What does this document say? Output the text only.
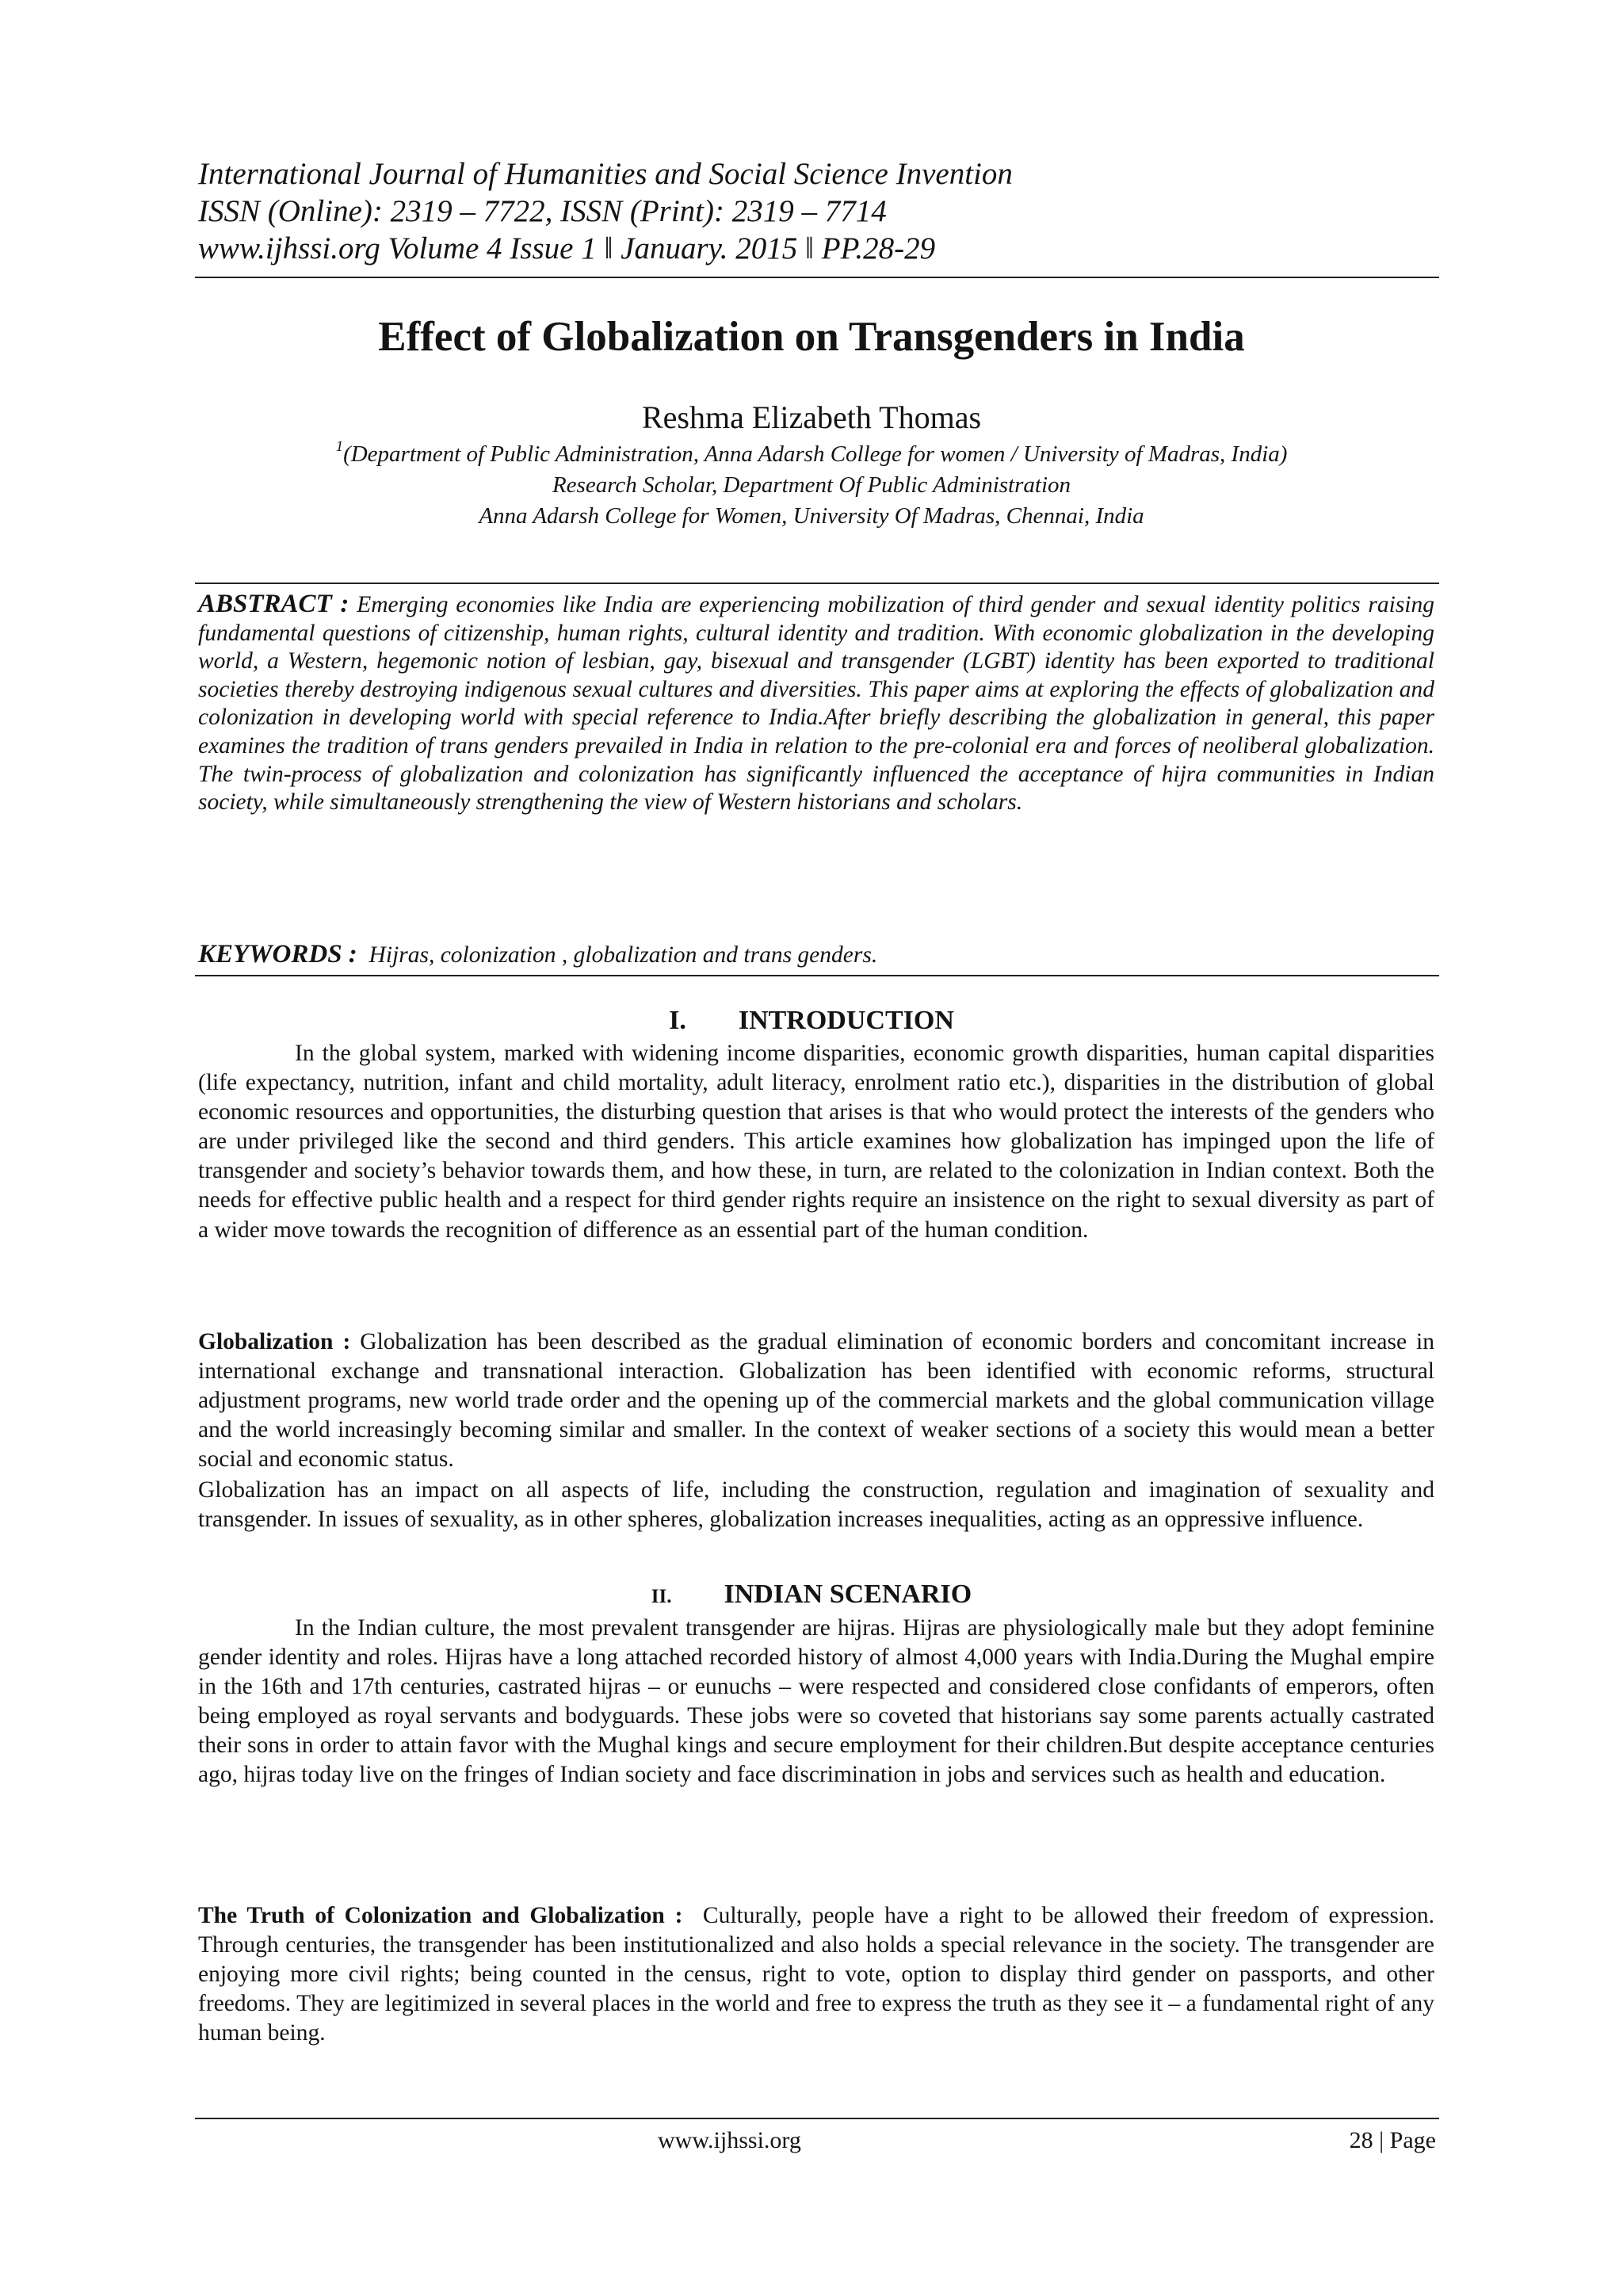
International Journal of Humanities and Social Science Invention
ISSN (Online): 2319 – 7722, ISSN (Print): 2319 – 7714
www.ijhssi.org Volume 4 Issue 1 ǁ January. 2015 ǁ PP.28-29
Effect of Globalization on Transgenders in India
Reshma Elizabeth Thomas
$^1$(Department of Public Administration, Anna Adarsh College for women / University of Madras, India)
Research Scholar, Department Of Public Administration
Anna Adarsh College for Women, University Of Madras, Chennai, India
ABSTRACT : Emerging economies like India are experiencing mobilization of third gender and sexual identity politics raising fundamental questions of citizenship, human rights, cultural identity and tradition. With economic globalization in the developing world, a Western, hegemonic notion of lesbian, gay, bisexual and transgender (LGBT) identity has been exported to traditional societies thereby destroying indigenous sexual cultures and diversities. This paper aims at exploring the effects of globalization and colonization in developing world with special reference to India.After briefly describing the globalization in general, this paper examines the tradition of trans genders prevailed in India in relation to the pre-colonial era and forces of neoliberal globalization. The twin-process of globalization and colonization has significantly influenced the acceptance of hijra communities in Indian society, while simultaneously strengthening the view of Western historians and scholars.
KEYWORDS : Hijras, colonization , globalization and trans genders.
I. INTRODUCTION
In the global system, marked with widening income disparities, economic growth disparities, human capital disparities (life expectancy, nutrition, infant and child mortality, adult literacy, enrolment ratio etc.), disparities in the distribution of global economic resources and opportunities, the disturbing question that arises is that who would protect the interests of the genders who are under privileged like the second and third genders. This article examines how globalization has impinged upon the life of transgender and society’s behavior towards them, and how these, in turn, are related to the colonization in Indian context. Both the needs for effective public health and a respect for third gender rights require an insistence on the right to sexual diversity as part of a wider move towards the recognition of difference as an essential part of the human condition.
Globalization : Globalization has been described as the gradual elimination of economic borders and concomitant increase in international exchange and transnational interaction. Globalization has been identified with economic reforms, structural adjustment programs, new world trade order and the opening up of the commercial markets and the global communication village and the world increasingly becoming similar and smaller. In the context of weaker sections of a society this would mean a better social and economic status.
Globalization has an impact on all aspects of life, including the construction, regulation and imagination of sexuality and transgender. In issues of sexuality, as in other spheres, globalization increases inequalities, acting as an oppressive influence.
II. INDIAN SCENARIO
In the Indian culture, the most prevalent transgender are hijras. Hijras are physiologically male but they adopt feminine gender identity and roles. Hijras have a long attached recorded history of almost 4,000 years with India.During the Mughal empire in the 16th and 17th centuries, castrated hijras – or eunuchs – were respected and considered close confidants of emperors, often being employed as royal servants and bodyguards. These jobs were so coveted that historians say some parents actually castrated their sons in order to attain favor with the Mughal kings and secure employment for their children.But despite acceptance centuries ago, hijras today live on the fringes of Indian society and face discrimination in jobs and services such as health and education.
The Truth of Colonization and Globalization : Culturally, people have a right to be allowed their freedom of expression. Through centuries, the transgender has been institutionalized and also holds a special relevance in the society. The transgender are enjoying more civil rights; being counted in the census, right to vote, option to display third gender on passports, and other freedoms. They are legitimized in several places in the world and free to express the truth as they see it – a fundamental right of any human being.
www.ijhssi.org	28 | Page
